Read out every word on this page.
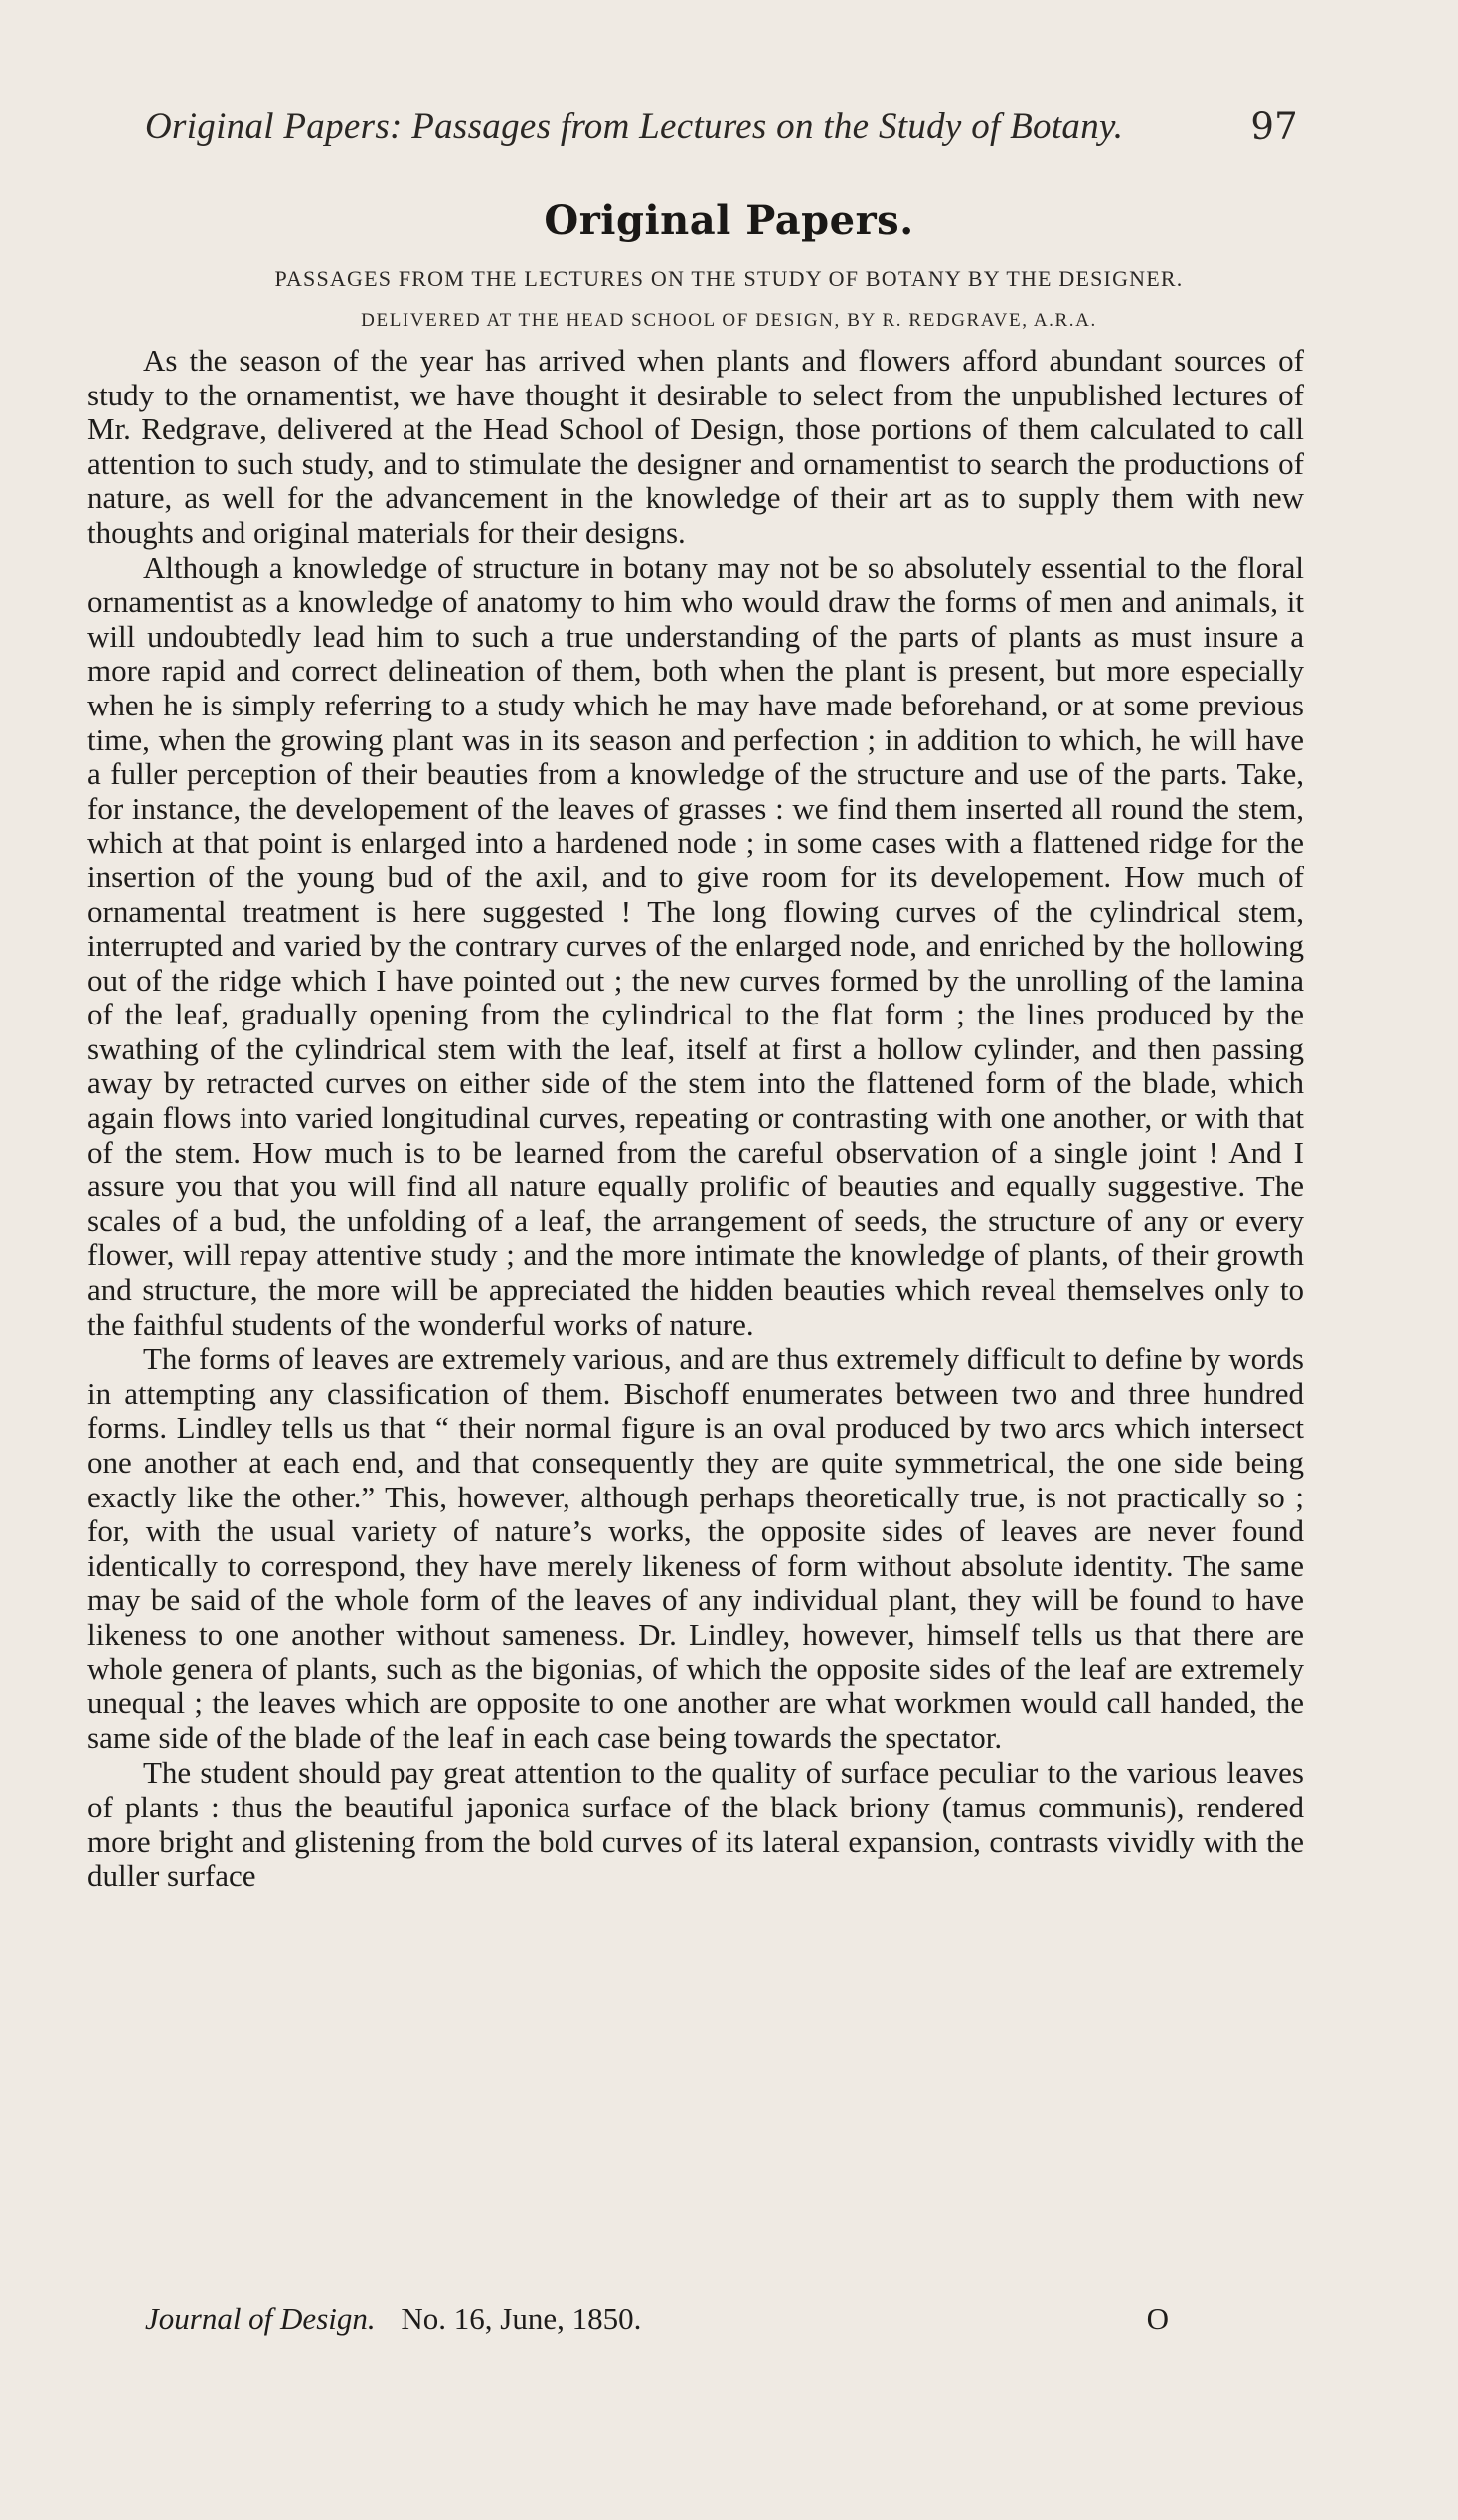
Original Papers: Passages from Lectures on the Study of Botany.	97
Original Papers.
PASSAGES FROM THE LECTURES ON THE STUDY OF BOTANY BY THE DESIGNER.
DELIVERED AT THE HEAD SCHOOL OF DESIGN, BY R. REDGRAVE, A.R.A.

As the season of the year has arrived when plants and flowers afford abundant sources of study to the ornamentist, we have thought it desirable to select from the unpublished lectures of Mr. Redgrave, delivered at the Head School of Design, those portions of them calculated to call attention to such study, and to stimulate the designer and ornamentist to search the productions of nature, as well for the advancement in the knowledge of their art as to supply them with new thoughts and original materials for their designs.

Although a knowledge of structure in botany may not be so absolutely essential to the floral ornamentist as a knowledge of anatomy to him who would draw the forms of men and animals, it will undoubtedly lead him to such a true understanding of the parts of plants as must insure a more rapid and correct delineation of them, both when the plant is present, but more especially when he is simply referring to a study which he may have made beforehand, or at some previous time, when the growing plant was in its season and perfection ; in addition to which, he will have a fuller perception of their beauties from a knowledge of the structure and use of the parts. Take, for instance, the developement of the leaves of grasses : we find them inserted all round the stem, which at that point is enlarged into a hardened node ; in some cases with a flattened ridge for the insertion of the young bud of the axil, and to give room for its developement. How much of ornamental treatment is here suggested ! The long flowing curves of the cylindrical stem, interrupted and varied by the contrary curves of the enlarged node, and enriched by the hollowing out of the ridge which I have pointed out ; the new curves formed by the unrolling of the lamina of the leaf, gradually opening from the cylindrical to the flat form ; the lines produced by the swathing of the cylindrical stem with the leaf, itself at first a hollow cylinder, and then passing away by retracted curves on either side of the stem into the flattened form of the blade, which again flows into varied longitudinal curves, repeating or contrasting with one another, or with that of the stem. How much is to be learned from the careful observation of a single joint ! And I assure you that you will find all nature equally prolific of beauties and equally suggestive. The scales of a bud, the unfolding of a leaf, the arrangement of seeds, the structure of any or every flower, will repay attentive study ; and the more intimate the knowledge of plants, of their growth and structure, the more will be appreciated the hidden beauties which reveal themselves only to the faithful students of the wonderful works of nature.

The forms of leaves are extremely various, and are thus extremely difficult to define by words in attempting any classification of them. Bischoff enumerates between two and three hundred forms. Lindley tells us that “ their normal figure is an oval produced by two arcs which intersect one another at each end, and that consequently they are quite symmetrical, the one side being exactly like the other.” This, however, although perhaps theoretically true, is not practically so ; for, with the usual variety of nature’s works, the opposite sides of leaves are never found identically to correspond, they have merely likeness of form without absolute identity. The same may be said of the whole form of the leaves of any individual plant, they will be found to have likeness to one another without sameness. Dr. Lindley, however, himself tells us that there are whole genera of plants, such as the bigonias, of which the opposite sides of the leaf are extremely unequal ; the leaves which are opposite to one another are what workmen would call handed, the same side of the blade of the leaf in each case being towards the spectator.

The student should pay great attention to the quality of surface peculiar to the various leaves of plants : thus the beautiful japonica surface of the black briony (tamus communis), rendered more bright and glistening from the bold curves of its lateral expansion, contrasts vividly with the duller surface

Journal of Design. No. 16, June, 1850.	O
